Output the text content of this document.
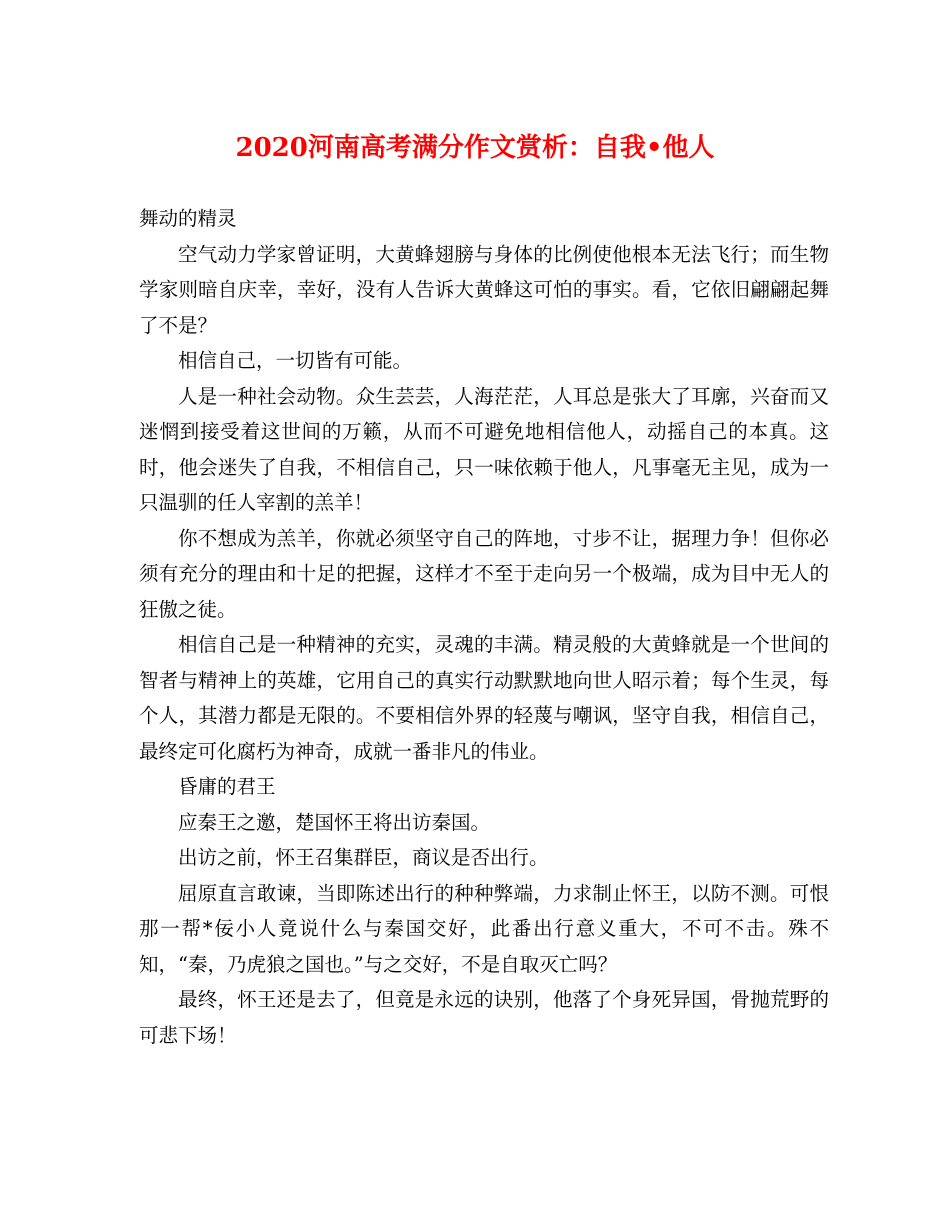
2020河南高考满分作文赏析：自我•他人

舞动的精灵

空气动力学家曾证明，大黄蜂翅膀与身体的比例使他根本无法飞行；而生物学家则暗自庆幸，幸好，没有人告诉大黄蜂这可怕的事实。看，它依旧翩翩起舞了不是？

相信自己，一切皆有可能。

人是一种社会动物。众生芸芸，人海茫茫，人耳总是张大了耳廓，兴奋而又迷惘到接受着这世间的万籁，从而不可避免地相信他人，动摇自己的本真。这时，他会迷失了自我，不相信自己，只一味依赖于他人，凡事毫无主见，成为一只温驯的任人宰割的羔羊！

你不想成为羔羊，你就必须坚守自己的阵地，寸步不让，据理力争！但你必须有充分的理由和十足的把握，这样才不至于走向另一个极端，成为目中无人的狂傲之徒。

相信自己是一种精神的充实，灵魂的丰满。精灵般的大黄蜂就是一个世间的智者与精神上的英雄，它用自己的真实行动默默地向世人昭示着；每个生灵，每个人，其潜力都是无限的。不要相信外界的轻蔑与嘲讽，坚守自我，相信自己，最终定可化腐朽为神奇，成就一番非凡的伟业。

昏庸的君王

应秦王之邀，楚国怀王将出访秦国。

出访之前，怀王召集群臣，商议是否出行。

屈原直言敢谏，当即陈述出行的种种弊端，力求制止怀王，以防不测。可恨那一帮*佞小人竟说什么与秦国交好，此番出行意义重大，不可不击。殊不知，“秦，乃虎狼之国也。”与之交好，不是自取灭亡吗？

最终，怀王还是去了，但竟是永远的诀别，他落了个身死异国，骨抛荒野的可悲下场！
